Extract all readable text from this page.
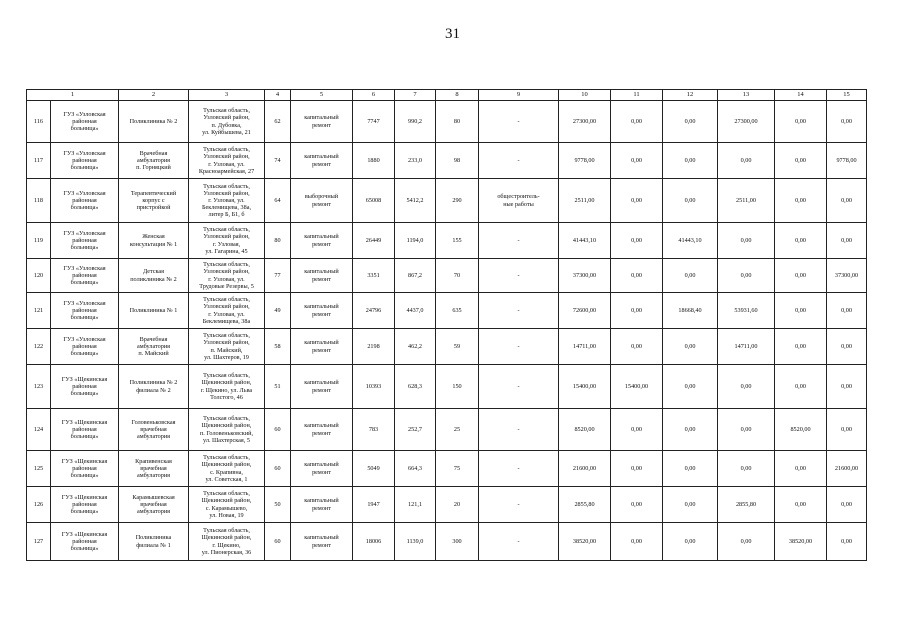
31
1		2	3	4	5	6	7	8	9	10	11	12	13	14	15
116	ГУЗ «Узловская
районная
больница»	Поликлиника № 2	Тульская область,
Узловский район,
п. Дубовка,
ул. Куйбышева, 21	62	капитальный
ремонт	7747	990,2	80	-	27300,00	0,00	0,00	27300,00	0,00	0,00
117	ГУЗ «Узловская
районная
больница»	Врачебная
амбулатория
п. Горняцкий	Тульская область,
Узловский район,
г. Узловая, ул.
Красноармейская, 27	74	капитальный
ремонт	1880	233,0	98	-	9778,00	0,00	0,00	0,00	0,00	9778,00
118	ГУЗ «Узловская
районная
больница»	Терапевтический
корпус с
пристройкой	Тульская область,
Узловский район,
г. Узловая, ул.
Беклемищева, 38а,
литер Б, Б1, б	64	выборочный
ремонт	65008	5412,2	290	общестроитель-
ные работы	2511,00	0,00	0,00	2511,00	0,00	0,00
119	ГУЗ «Узловская
районная
больница»	Женская
консультация № 1	Тульская область,
Узловский район,
г. Узловая,
ул. Гагарина, 45	80	капитальный
ремонт	26449	1194,0	155	-	41443,10	0,00	41443,10	0,00	0,00	0,00
120	ГУЗ «Узловская
районная
больница»	Детская
поликлиника № 2	Тульская область,
Узловский район,
г. Узловая, ул.
Трудовые Резервы, 5	77	капитальный
ремонт	3351	867,2	70	-	37300,00	0,00	0,00	0,00	0,00	37300,00
121	ГУЗ «Узловская
районная
больница»	Поликлиника № 1	Тульская область,
Узловский район,
г. Узловая, ул.
Беклемищева, 38а	49	капитальный
ремонт	24796	4437,0	635	-	72600,00	0,00	18668,40	53931,60	0,00	0,00
122	ГУЗ «Узловская
районная
больница»	Врачебная
амбулатория
п. Майский	Тульская область,
Узловский район,
п. Майский,
ул. Шахтеров, 19	58	капитальный
ремонт	2198	462,2	59	-	14711,00	0,00	0,00	14711,00	0,00	0,00
123	ГУЗ «Щекинская
районная
больница»	Поликлиника № 2
филиала № 2	Тульская область,
Щекинский район,
г. Щекино, ул. Льва
Толстого, 46	51	капитальный
ремонт	10393	628,3	150	-	15400,00	15400,00	0,00	0,00	0,00	0,00
124	ГУЗ «Щекинская
районная
больница»	Головеньковская
врачебная
амбулатория	Тульская область,
Щекинский район,
п. Головеньковский,
ул. Шахтерская, 5	60	капитальный
ремонт	783	252,7	25	-	8520,00	0,00	0,00	0,00	8520,00	0,00
125	ГУЗ «Щекинская
районная
больница»	Крапивенская
врачебная
амбулатория	Тульская область,
Щекинский район,
с. Крапивна,
ул. Советская, 1	60	капитальный
ремонт	5049	664,3	75	-	21600,00	0,00	0,00	0,00	0,00	21600,00
126	ГУЗ «Щекинская
районная
больница»	Карамышевская
врачебная
амбулатория	Тульская область,
Щекинский район,
с. Карамышево,
ул. Новая, 19	50	капитальный
ремонт	1947	121,1	20	-	2855,80	0,00	0,00	2855,80	0,00	0,00
127	ГУЗ «Щекинская
районная
больница»	Поликлиника
филиала № 1	Тульская область,
Щекинский район,
г. Щекино,
ул. Пионерская, 36	60	капитальный
ремонт	18006	1139,0	300	-	38520,00	0,00	0,00	0,00	38520,00	0,00
